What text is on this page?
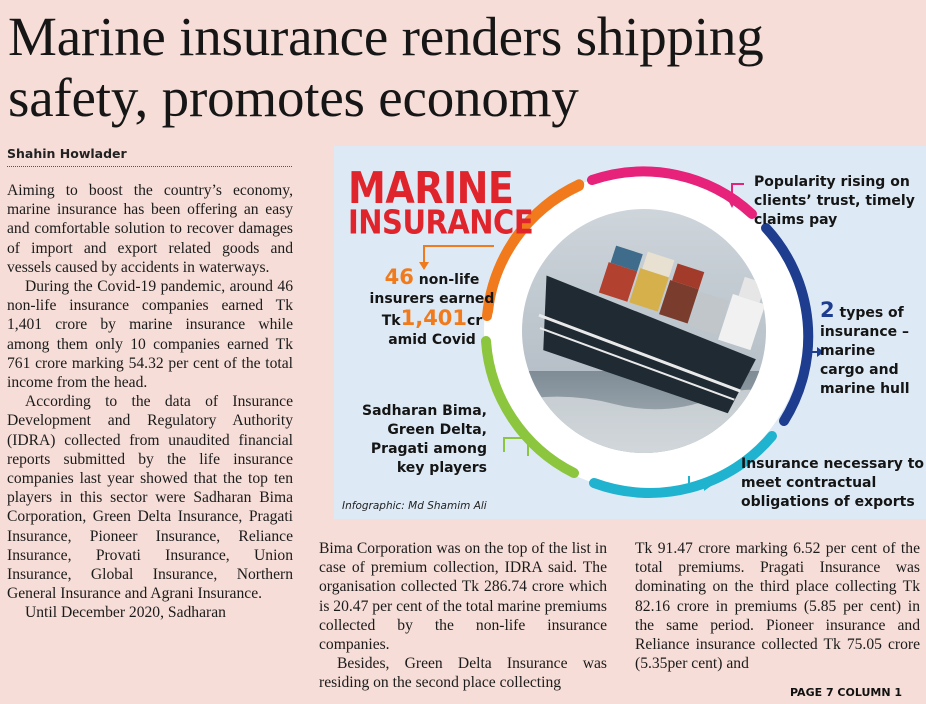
Marine insurance renders shipping
safety, promotes economy
Shahin Howlader

Aiming to boost the country’s economy, marine insurance has been offering an easy and comfortable solution to recover damages of import and export related goods and vessels caused by accidents in waterways.

During the Covid-19 pandemic, around 46 non-life insurance companies earned Tk 1,401 crore by marine insurance while among them only 10 companies earned Tk 761 crore marking 54.32 per cent of the total income from the head.

According to the data of Insurance Development and Regulatory Authority (IDRA) collected from unaudited financial reports submitted by the life insurance companies last year showed that the top ten players in this sector were Sadharan Bima Corporation, Green Delta Insurance, Pragati Insurance, Pioneer Insurance, Reliance Insurance, Provati Insurance, Union Insurance, Global Insurance, Northern General Insurance and Agrani Insurance.

Until December 2020, Sadharan

Bima Corporation was on the top of the list in case of premium collection, IDRA said. The organisation collected Tk 286.74 crore which is 20.47 per cent of the total marine premiums collected by the non-life insurance companies.

Besides, Green Delta Insurance was residing on the second place collecting

Tk 91.47 crore marking 6.52 per cent of the total premiums. Pragati Insurance was dominating on the third place collecting Tk 82.16 crore in premiums (5.85 per cent) in the same period. Pioneer insurance and Reliance insurance collected Tk 75.05 crore (5.35per cent) and

PAGE 7 COLUMN 1
MARINE
INSURANCE
46 non-life
insurers earned
Tk1,401cr
amid Covid
Popularity rising on
clients’ trust, timely
claims pay
2 types of
insurance –
marine
cargo and
marine hull
Insurance necessary to
meet contractual
obligations of exports
Sadharan Bima,
Green Delta,
Pragati among
key players
Infographic: Md Shamim Ali
